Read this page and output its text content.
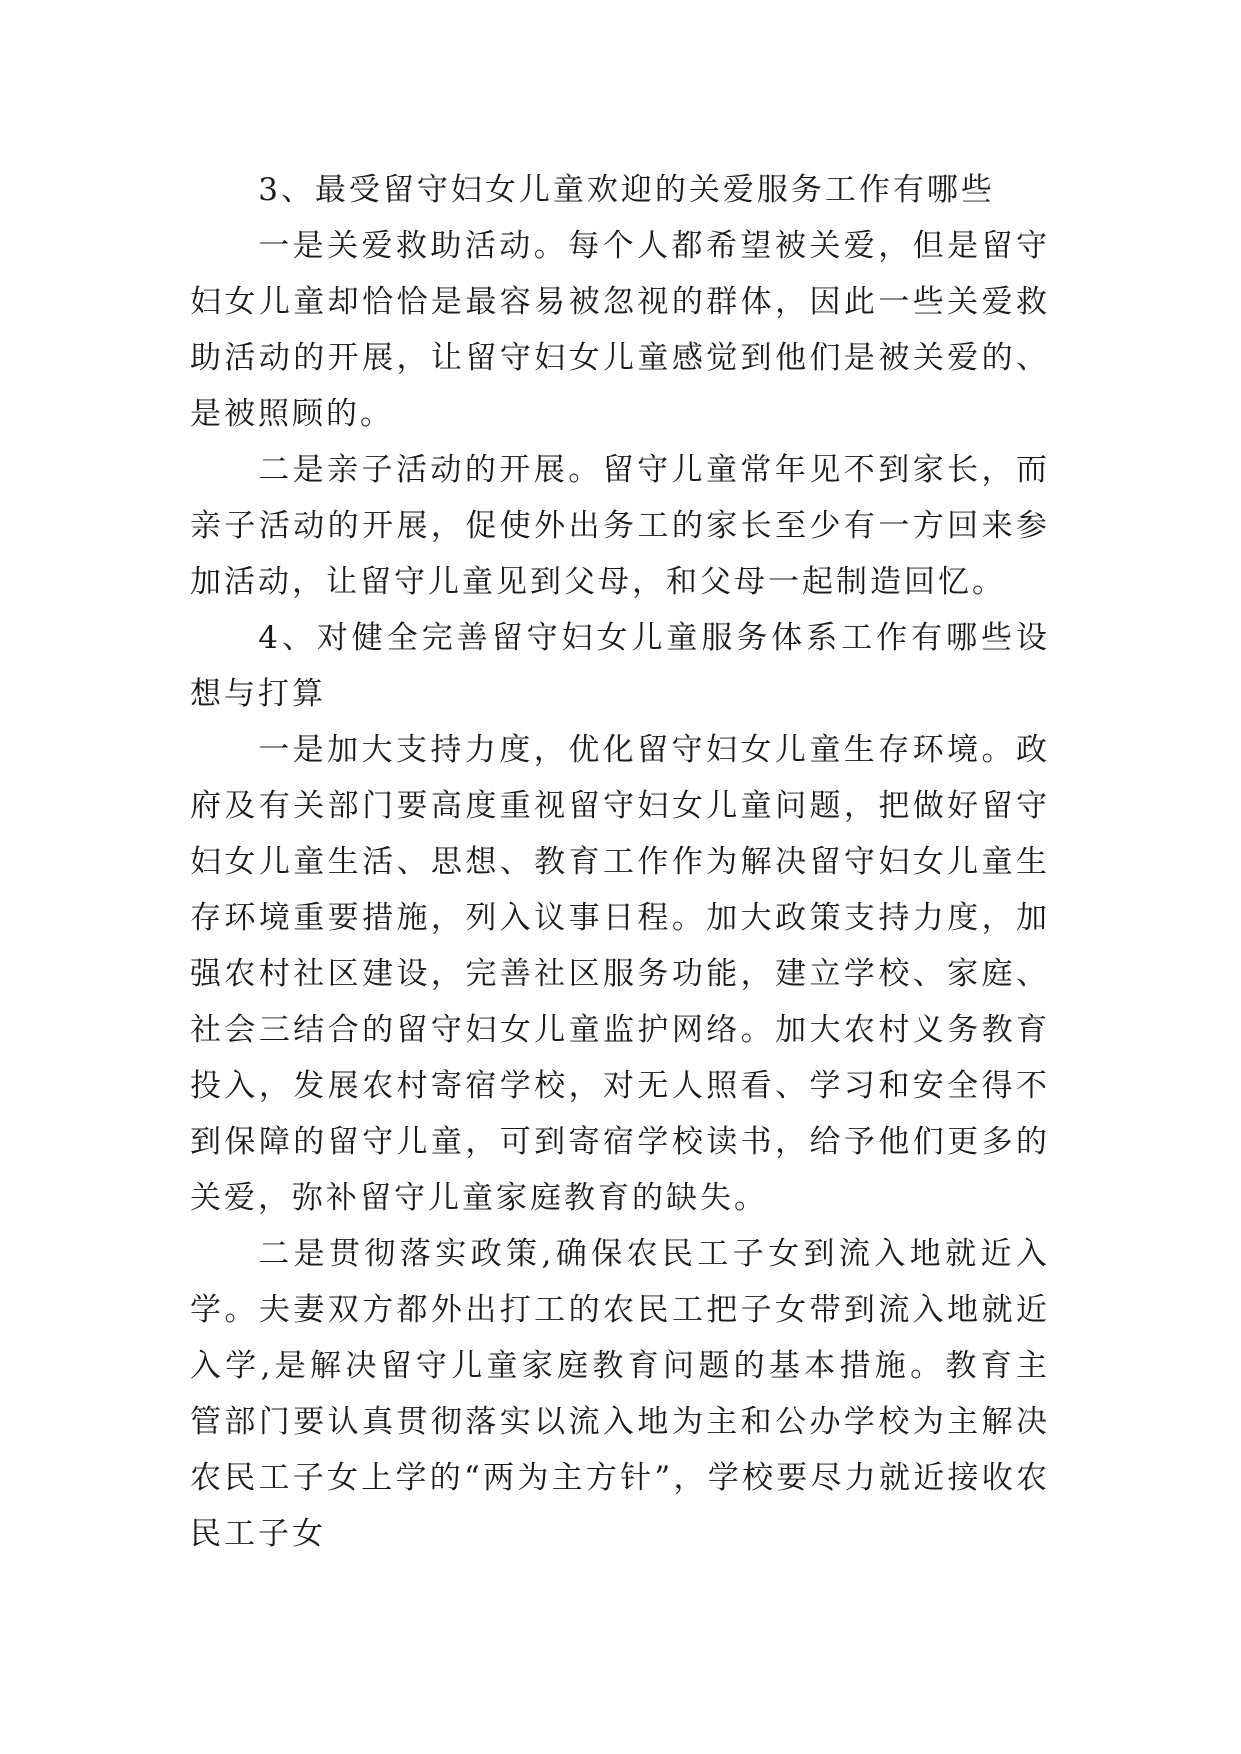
3、最受留守妇女儿童欢迎的关爱服务工作有哪些

一是关爱救助活动。每个人都希望被关爱，但是留守妇女儿童却恰恰是最容易被忽视的群体，因此一些关爱救助活动的开展，让留守妇女儿童感觉到他们是被关爱的、是被照顾的。

二是亲子活动的开展。留守儿童常年见不到家长，而亲子活动的开展，促使外出务工的家长至少有一方回来参加活动，让留守儿童见到父母，和父母一起制造回忆。

4、对健全完善留守妇女儿童服务体系工作有哪些设想与打算

一是加大支持力度，优化留守妇女儿童生存环境。政府及有关部门要高度重视留守妇女儿童问题，把做好留守妇女儿童生活、思想、教育工作作为解决留守妇女儿童生存环境重要措施，列入议事日程。加大政策支持力度，加强农村社区建设，完善社区服务功能，建立学校、家庭、社会三结合的留守妇女儿童监护网络。加大农村义务教育投入，发展农村寄宿学校，对无人照看、学习和安全得不到保障的留守儿童，可到寄宿学校读书，给予他们更多的关爱，弥补留守儿童家庭教育的缺失。

二是贯彻落实政策,确保农民工子女到流入地就近入学。夫妻双方都外出打工的农民工把子女带到流入地就近入学,是解决留守儿童家庭教育问题的基本措施。教育主管部门要认真贯彻落实以流入地为主和公办学校为主解决农民工子女上学的“两为主方针”，学校要尽力就近接收农民工子女
